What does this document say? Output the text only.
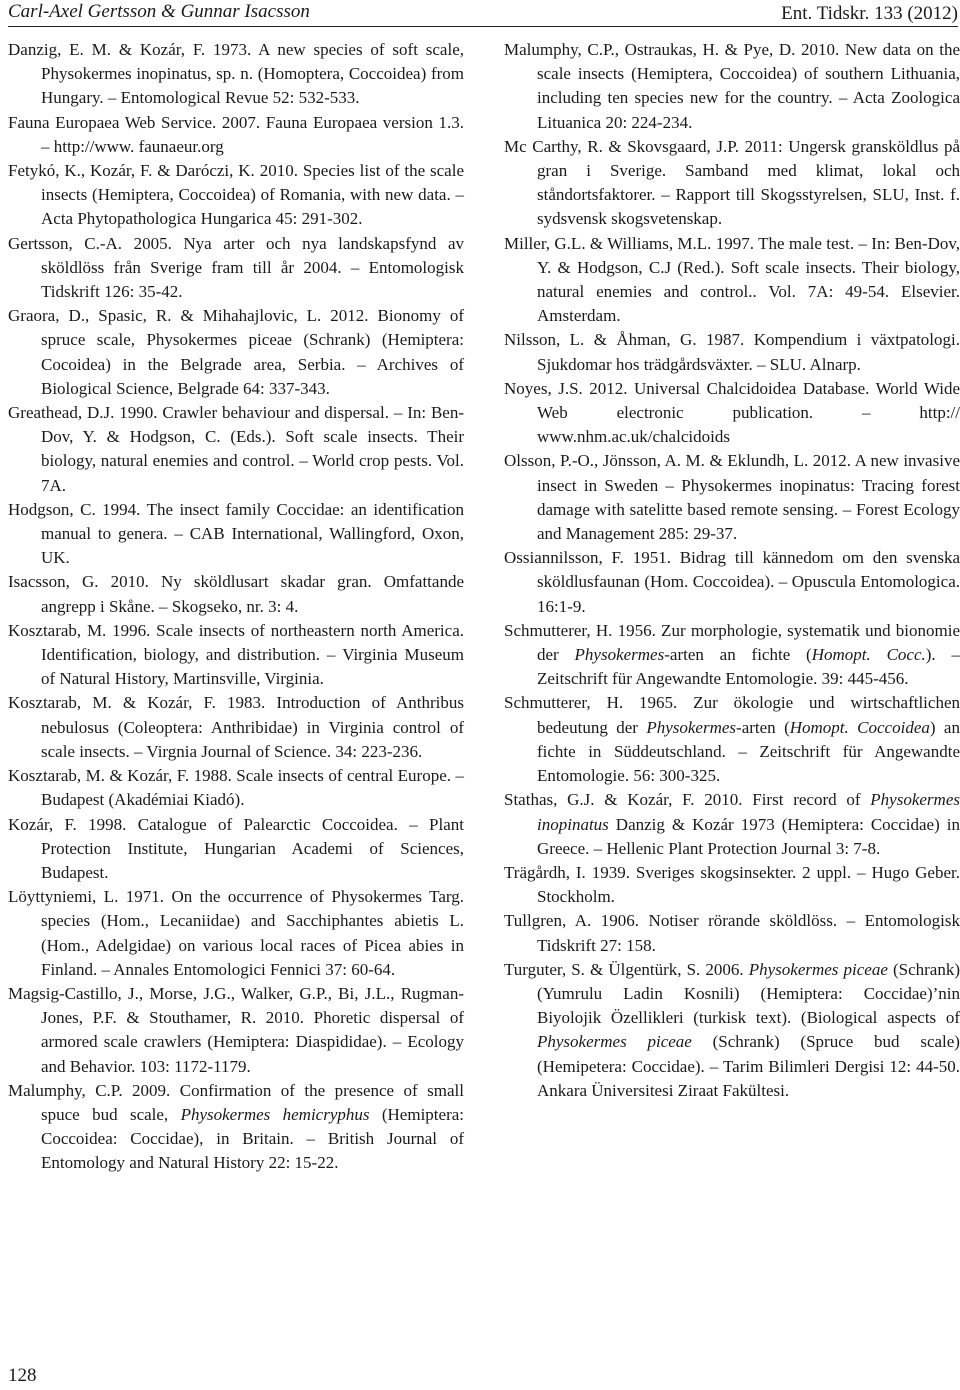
Carl-Axel Gertsson & Gunnar Isacsson	Ent. Tidskr. 133 (2012)

Danzig, E. M. & Kozár, F. 1973. A new species of soft scale, Physokermes inopinatus, sp. n. (Homoptera, Coccoidea) from Hungary. – Entomological Revue 52: 532-533.

Fauna Europaea Web Service. 2007. Fauna Europaea version 1.3. – http://www. faunaeur.org

Fetykó, K., Kozár, F. & Daróczi, K. 2010. Species list of the scale insects (Hemiptera, Coccoidea) of Romania, with new data. – Acta Phytopathologica Hungarica 45: 291-302.

Gertsson, C.-A. 2005. Nya arter och nya landskapsfynd av sköldlöss från Sverige fram till år 2004. – Entomologisk Tidskrift 126: 35-42.

Graora, D., Spasic, R. & Mihahajlovic, L. 2012. Bionomy of spruce scale, Physokermes piceae (Schrank) (Hemiptera: Cocoidea) in the Belgrade area, Serbia. – Archives of Biological Science, Belgrade 64: 337-343.

Greathead, D.J. 1990. Crawler behaviour and dispersal. – In: Ben-Dov, Y. & Hodgson, C. (Eds.). Soft scale insects. Their biology, natural enemies and control. – World crop pests. Vol. 7A.

Hodgson, C. 1994. The insect family Coccidae: an identification manual to genera. – CAB International, Wallingford, Oxon, UK.

Isacsson, G. 2010. Ny sköldlusart skadar gran. Omfattande angrepp i Skåne. – Skogseko, nr. 3: 4.

Kosztarab, M. 1996. Scale insects of northeastern north America. Identification, biology, and distribution. – Virginia Museum of Natural History, Martinsville, Virginia.

Kosztarab, M. & Kozár, F. 1983. Introduction of Anthribus nebulosus (Coleoptera: Anthribidae) in Virginia control of scale insects. – Virgnia Journal of Science. 34: 223-236.

Kosztarab, M. & Kozár, F. 1988. Scale insects of central Europe. – Budapest (Akadémiai Kiadó).

Kozár, F. 1998. Catalogue of Palearctic Coccoidea. – Plant Protection Institute, Hungarian Academi of Sciences, Budapest.

Löyttyniemi, L. 1971. On the occurrence of Physokermes Targ. species (Hom., Lecaniidae) and Sacchiphantes abietis L. (Hom., Adelgidae) on various local races of Picea abies in Finland. – Annales Entomologici Fennici 37: 60-64.

Magsig-Castillo, J., Morse, J.G., Walker, G.P., Bi, J.L., Rugman-Jones, P.F. & Stouthamer, R. 2010. Phoretic dispersal of armored scale crawlers (Hemiptera: Diaspididae). – Ecology and Behavior. 103: 1172-1179.

Malumphy, C.P. 2009. Confirmation of the presence of small spuce bud scale, Physokermes hemicryphus (Hemiptera: Coccoidea: Coccidae), in Britain. – British Journal of Entomology and Natural History 22: 15-22.

Malumphy, C.P., Ostraukas, H. & Pye, D. 2010. New data on the scale insects (Hemiptera, Coccoidea) of southern Lithuania, including ten species new for the country. – Acta Zoologica Lituanica 20: 224-234.

Mc Carthy, R. & Skovsgaard, J.P. 2011: Ungersk gransköldlus på gran i Sverige. Samband med klimat, lokal och ståndortsfaktorer. – Rapport till Skogsstyrelsen, SLU, Inst. f. sydsvensk skogsvetenskap.

Miller, G.L. & Williams, M.L. 1997. The male test. – In: Ben-Dov, Y. & Hodgson, C.J (Red.). Soft scale insects. Their biology, natural enemies and control.. Vol. 7A: 49-54. Elsevier. Amsterdam.

Nilsson, L. & Åhman, G. 1987. Kompendium i växtpatologi. Sjukdomar hos trädgårdsväxter. – SLU. Alnarp.

Noyes, J.S. 2012. Universal Chalcidoidea Database. World Wide Web electronic publication. – http:// www.nhm.ac.uk/chalcidoids

Olsson, P.-O., Jönsson, A. M. & Eklundh, L. 2012. A new invasive insect in Sweden – Physokermes inopinatus: Tracing forest damage with satelitte based remote sensing. – Forest Ecology and Management 285: 29-37.

Ossiannilsson, F. 1951. Bidrag till kännedom om den svenska sköldlusfaunan (Hom. Coccoidea). – Opuscula Entomologica. 16:1-9.

Schmutterer, H. 1956. Zur morphologie, systematik und bionomie der Physokermes-arten an fichte (Homopt. Cocc.). – Zeitschrift für Angewandte Entomologie. 39: 445-456.

Schmutterer, H. 1965. Zur ökologie und wirtschaftlichen bedeutung der Physokermes-arten (Homopt. Coccoidea) an fichte in Süddeutschland. – Zeitschrift für Angewandte Entomologie. 56: 300-325.

Stathas, G.J. & Kozár, F. 2010. First record of Physokermes inopinatus Danzig & Kozár 1973 (Hemiptera: Coccidae) in Greece. – Hellenic Plant Protection Journal 3: 7-8.

Trägårdh, I. 1939. Sveriges skogsinsekter. 2 uppl. – Hugo Geber. Stockholm.

Tullgren, A. 1906. Notiser rörande sköldlöss. – Entomologisk Tidskrift 27: 158.

Turguter, S. & Ülgentürk, S. 2006. Physokermes piceae (Schrank) (Yumrulu Ladin Kosnili) (Hemiptera: Coccidae)’nin Biyolojik Özellikleri (turkisk text). (Biological aspects of Physokermes piceae (Schrank) (Spruce bud scale) (Hemipetera: Coccidae). – Tarim Bilimleri Dergisi 12: 44-50. Ankara Üniversitesi Ziraat Fakültesi.

128
